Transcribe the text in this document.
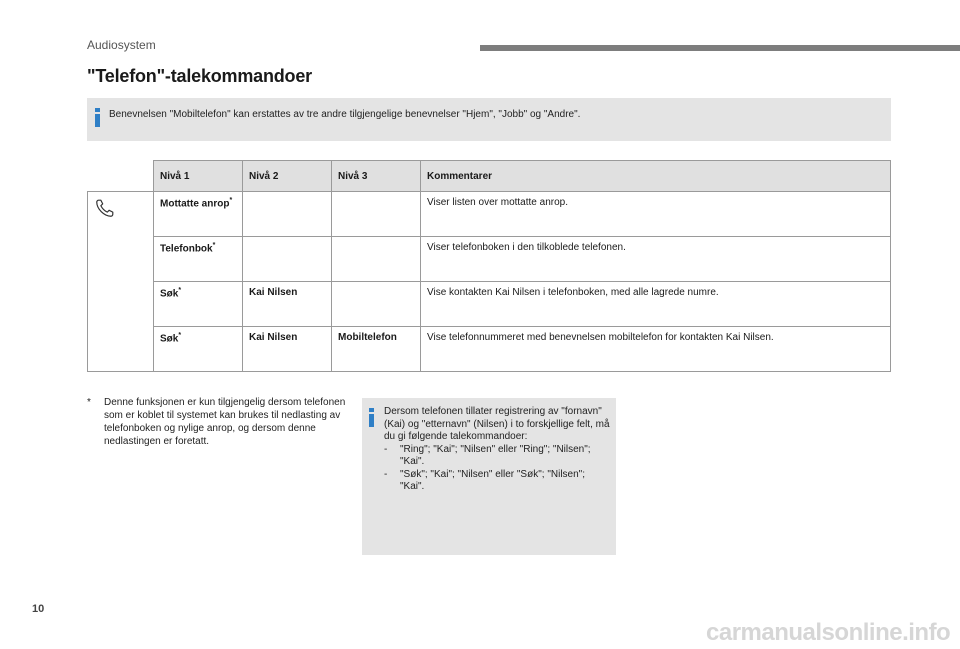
Audiosystem
"Telefon"-talekommandoer
Benevnelsen "Mobiltelefon" kan erstattes av tre andre tilgjengelige benevnelser "Hjem", "Jobb" og "Andre".
	Nivå 1	Nivå 2	Nivå 3	Kommentarer
	Mottatte anrop*			Viser listen over mottatte anrop.
	Telefonbok*			Viser telefonboken i den tilkoblede telefonen.
	Søk*	Kai Nilsen		Vise kontakten Kai Nilsen i telefonboken, med alle lagrede numre.
	Søk*	Kai Nilsen	Mobiltelefon	Vise telefonnummeret med benevnelsen mobiltelefon for kontakten Kai Nilsen.
* Denne funksjonen er kun tilgjengelig dersom telefonen som er koblet til systemet kan brukes til nedlasting av telefonboken og nylige anrop, og dersom denne nedlastingen er foretatt.
Dersom telefonen tillater registrering av "fornavn" (Kai) og "etternavn" (Nilsen) i to forskjellige felt, må du gi følgende talekommandoer:
- "Ring"; "Kai"; "Nilsen" eller "Ring"; "Nilsen"; "Kai".
- "Søk"; "Kai"; "Nilsen" eller "Søk"; "Nilsen"; "Kai".
10
carmanualsonline.info
